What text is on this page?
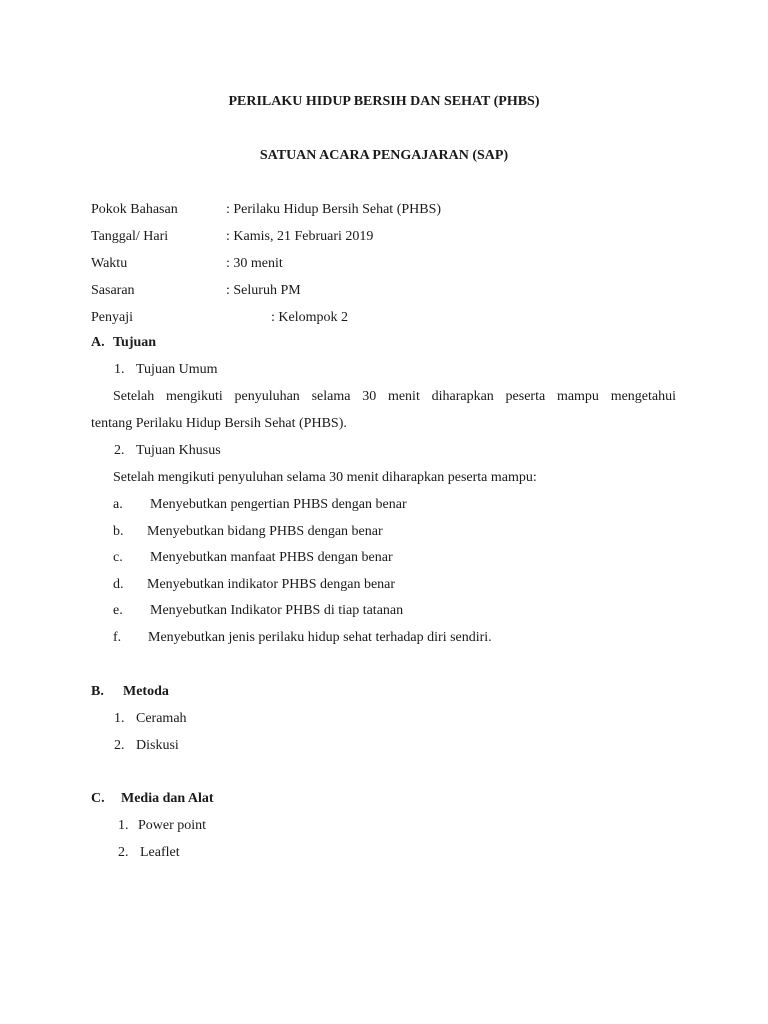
PERILAKU HIDUP BERSIH DAN SEHAT (PHBS)
SATUAN ACARA PENGAJARAN (SAP)
Pokok Bahasan	: Perilaku Hidup Bersih Sehat (PHBS)
Tanggal/ Hari	: Kamis, 21 Februari 2019
Waktu	: 30 menit
Sasaran	: Seluruh PM
Penyaji	: Kelompok 2
A. Tujuan
1. Tujuan Umum
Setelah mengikuti penyuluhan selama 30 menit diharapkan peserta mampu mengetahui
tentang Perilaku Hidup Bersih Sehat (PHBS).
2. Tujuan Khusus
Setelah mengikuti penyuluhan selama 30 menit diharapkan peserta mampu:
a. Menyebutkan pengertian PHBS dengan benar
b. Menyebutkan bidang PHBS dengan benar
c. Menyebutkan manfaat PHBS dengan benar
d. Menyebutkan indikator PHBS dengan benar
e. Menyebutkan Indikator PHBS di tiap tatanan
f. Menyebutkan jenis perilaku hidup sehat terhadap diri sendiri.
B. Metoda
1. Ceramah
2. Diskusi
C. Media dan Alat
1. Power point
2. Leaflet
